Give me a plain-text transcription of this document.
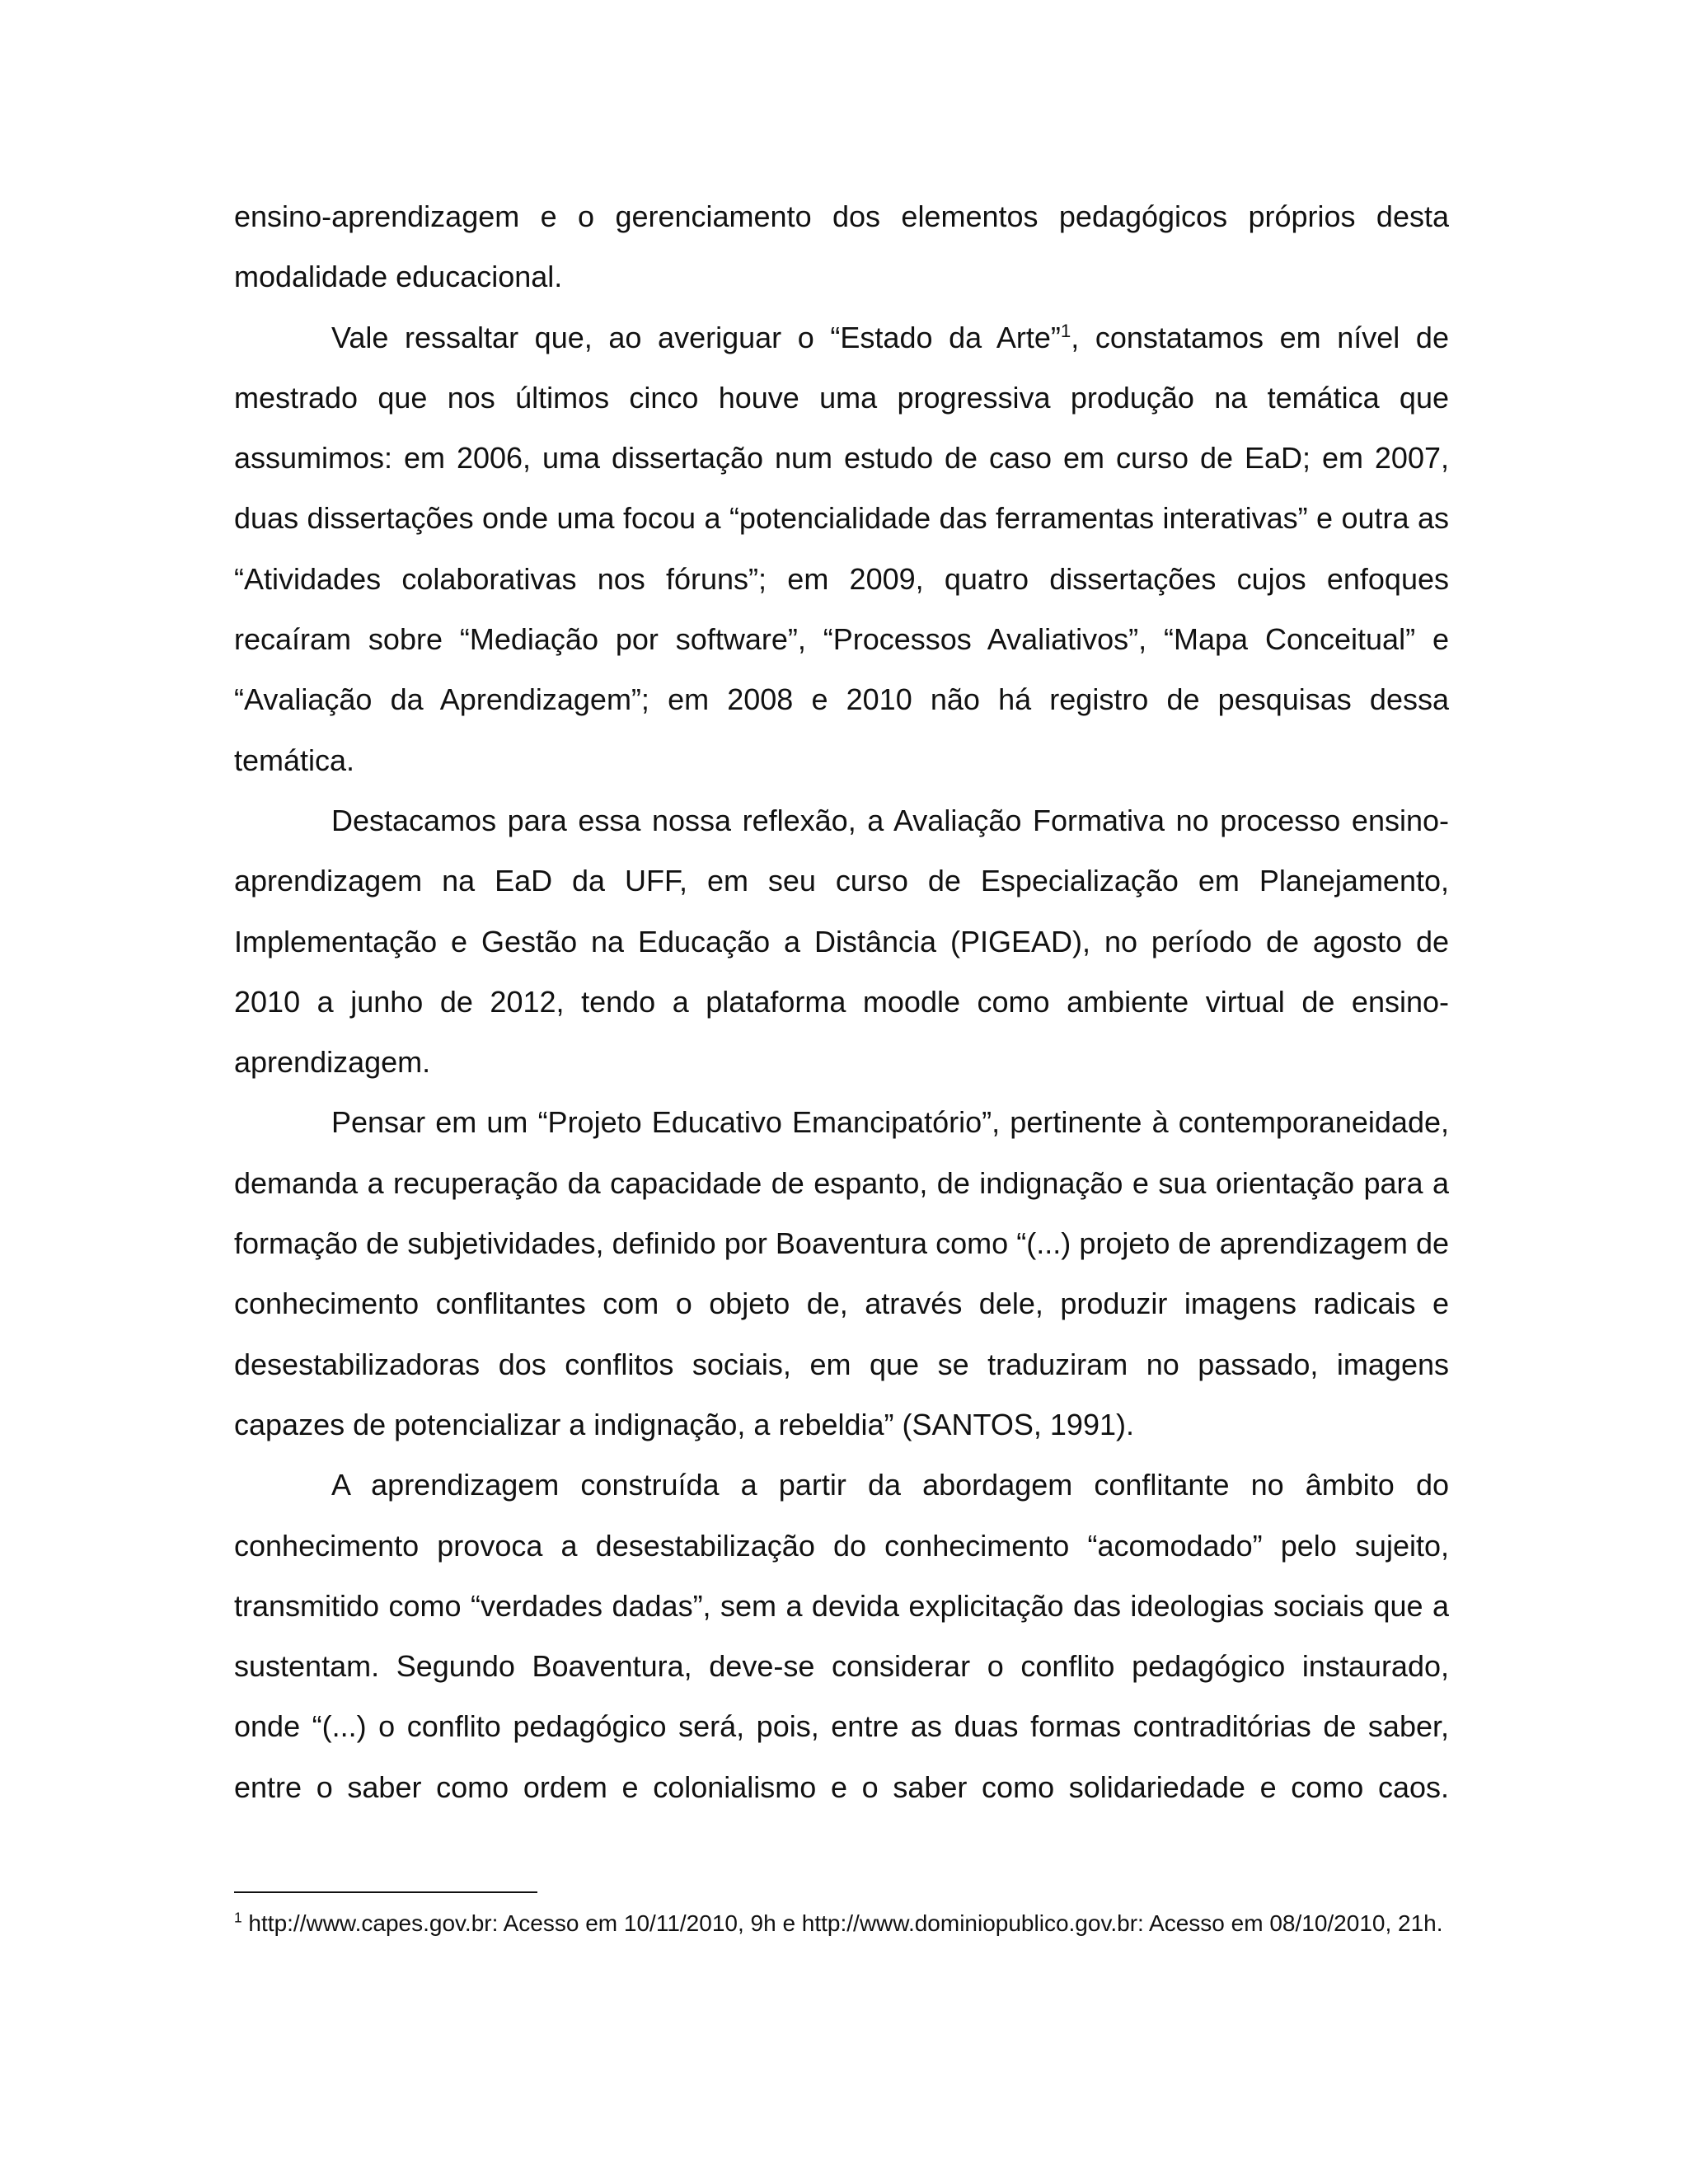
ensino-aprendizagem e o gerenciamento dos elementos pedagógicos próprios desta modalidade educacional.

Vale ressaltar que, ao averiguar o “Estado da Arte”$^1$, constatamos em nível de mestrado que nos últimos cinco houve uma progressiva produção na temática que assumimos: em 2006, uma dissertação num estudo de caso em curso de EaD; em 2007, duas dissertações onde uma focou a “potencialidade das ferramentas interativas” e outra as “Atividades colaborativas nos fóruns”; em 2009, quatro dissertações cujos enfoques recaíram sobre “Mediação por software”, “Processos Avaliativos”, “Mapa Conceitual” e “Avaliação da Aprendizagem”; em 2008 e 2010 não há registro de pesquisas dessa temática.

Destacamos para essa nossa reflexão, a Avaliação Formativa no processo ensino-aprendizagem na EaD da UFF, em seu curso de Especialização em Planejamento, Implementação e Gestão na Educação a Distância (PIGEAD), no período de agosto de 2010 a junho de 2012, tendo a plataforma moodle como ambiente virtual de ensino-aprendizagem.

Pensar em um “Projeto Educativo Emancipatório”, pertinente à contemporaneidade, demanda a recuperação da capacidade de espanto, de indignação e sua orientação para a formação de subjetividades, definido por Boaventura como “(...) projeto de aprendizagem de conhecimento conflitantes com o objeto de, através dele, produzir imagens radicais e desestabilizadoras dos conflitos sociais, em que se traduziram no passado, imagens capazes de potencializar a indignação, a rebeldia” (SANTOS, 1991).

A aprendizagem construída a partir da abordagem conflitante no âmbito do conhecimento provoca a desestabilização do conhecimento “acomodado” pelo sujeito, transmitido como “verdades dadas”, sem a devida explicitação das ideologias sociais que a sustentam. Segundo Boaventura, deve-se considerar o conflito pedagógico instaurado, onde “(...) o conflito pedagógico será, pois, entre as duas formas contraditórias de saber, entre o saber como ordem e colonialismo e o saber como solidariedade e como caos.

$^1$ http://www.capes.gov.br: Acesso em 10/11/2010, 9h e http://www.dominiopublico.gov.br: Acesso em 08/10/2010, 21h.
